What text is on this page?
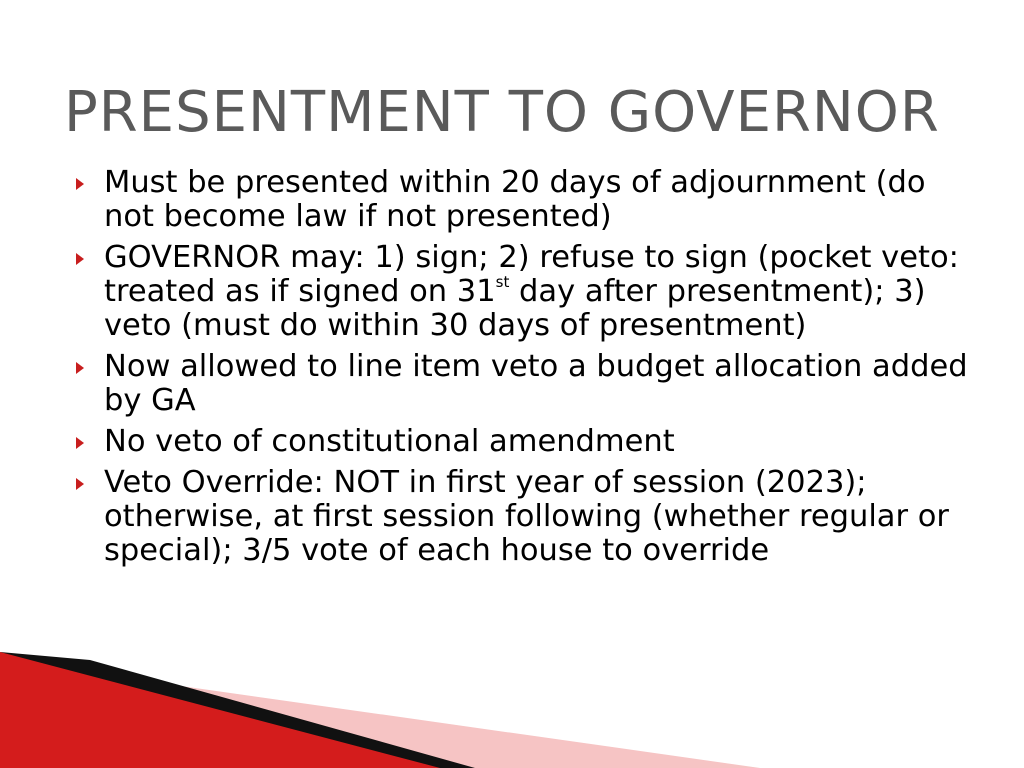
PRESENTMENT TO GOVERNOR
Must be presented within 20 days of adjournment (do not become law if not presented)
GOVERNOR may: 1) sign; 2) refuse to sign (pocket veto: treated as if signed on 31st day after presentment); 3) veto (must do within 30 days of presentment)
Now allowed to line item veto a budget allocation added by GA
No veto of constitutional amendment
Veto Override: NOT in first year of session (2023); otherwise, at first session following (whether regular or special); 3/5 vote of each house to override
